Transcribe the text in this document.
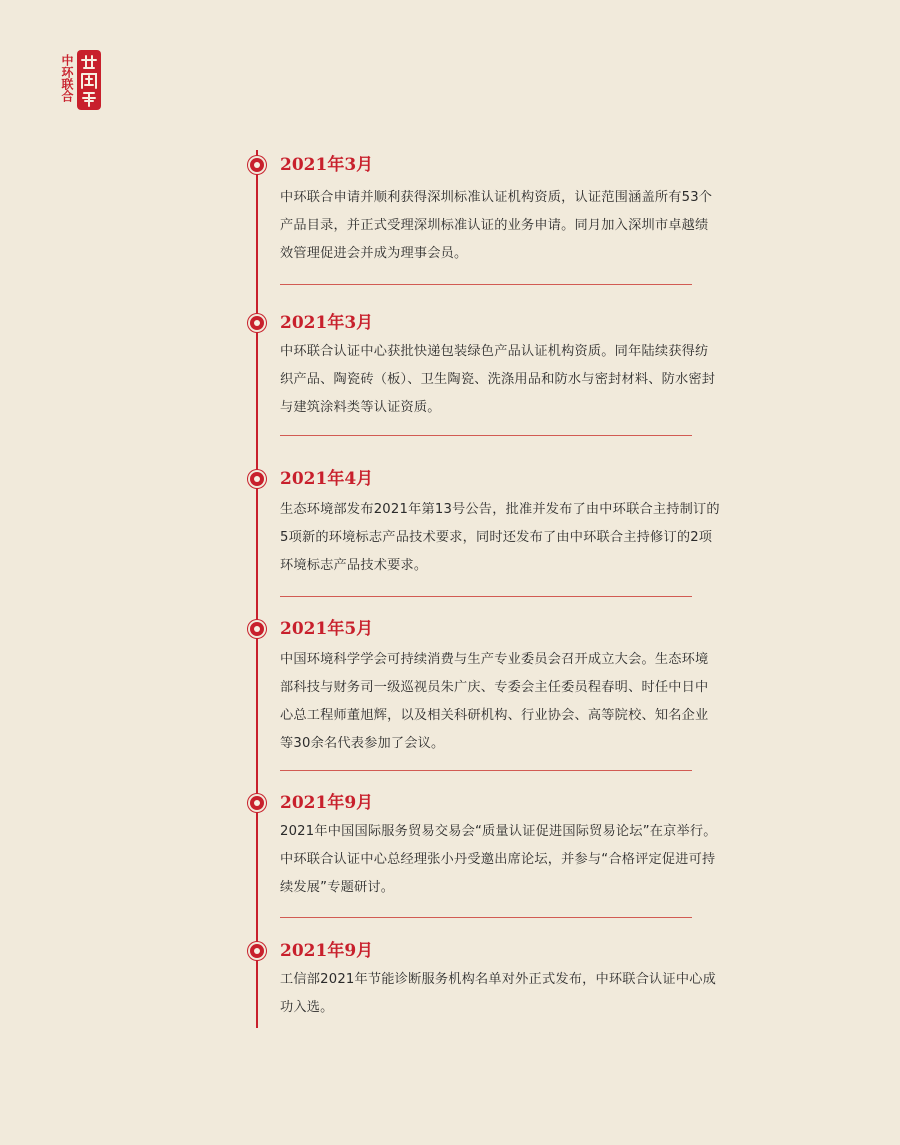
中环联合
2021年3月
中环联合申请并顺利获得深圳标准认证机构资质，认证范围涵盖所有53个产品目录，并正式受理深圳标准认证的业务申请。同月加入深圳市卓越绩效管理促进会并成为理事会员。
2021年3月
中环联合认证中心获批快递包装绿色产品认证机构资质。同年陆续获得纺织产品、陶瓷砖（板）、卫生陶瓷、洗涤用品和防水与密封材料、防水密封与建筑涂料类等认证资质。
2021年4月
生态环境部发布2021年第13号公告，批准并发布了由中环联合主持制订的5项新的环境标志产品技术要求，同时还发布了由中环联合主持修订的2项环境标志产品技术要求。
2021年5月
中国环境科学学会可持续消费与生产专业委员会召开成立大会。生态环境部科技与财务司一级巡视员朱广庆、专委会主任委员程春明、时任中日中心总工程师董旭辉，以及相关科研机构、行业协会、高等院校、知名企业等30余名代表参加了会议。
2021年9月
2021年中国国际服务贸易交易会“质量认证促进国际贸易论坛”在京举行。中环联合认证中心总经理张小丹受邀出席论坛，并参与“合格评定促进可持续发展”专题研讨。
2021年9月
工信部2021年节能诊断服务机构名单对外正式发布，中环联合认证中心成功入选。
